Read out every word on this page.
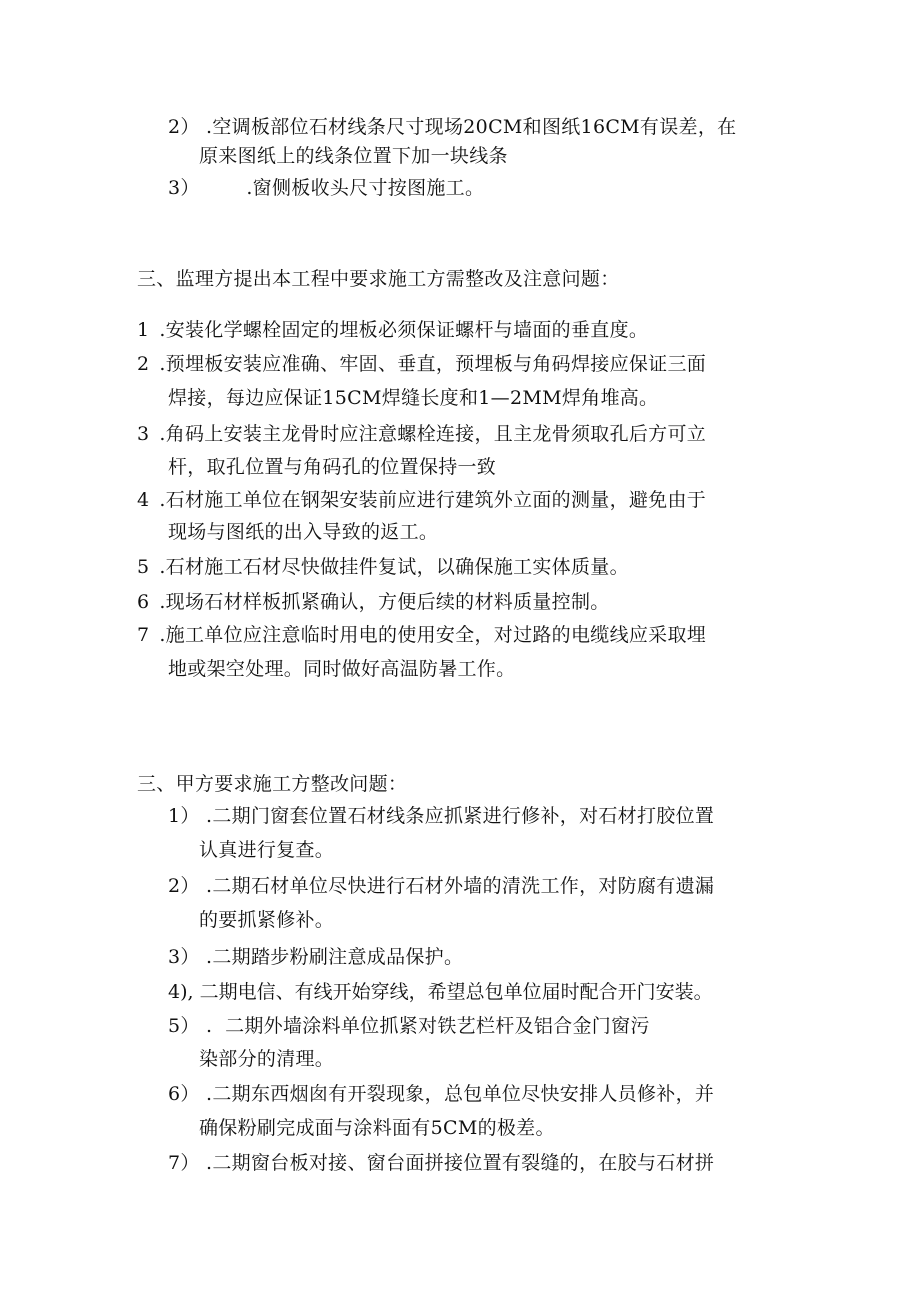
2） .空调板部位石材线条尺寸现场20CM和图纸16CM有误差，在
原来图纸上的线条位置下加一块线条
3） .窗侧板收头尺寸按图施工。
三、监理方提出本工程中要求施工方需整改及注意问题：
1 .安装化学螺栓固定的埋板必须保证螺杆与墙面的垂直度。
2 .预埋板安装应准确、牢固、垂直，预埋板与角码焊接应保证三面
焊接，每边应保证15CM焊缝长度和1—2MM焊角堆高。
3 .角码上安装主龙骨时应注意螺栓连接，且主龙骨须取孔后方可立
杆，取孔位置与角码孔的位置保持一致
4 .石材施工单位在钢架安装前应进行建筑外立面的测量，避免由于
现场与图纸的出入导致的返工。
5 .石材施工石材尽快做挂件复试，以确保施工实体质量。
6 .现场石材样板抓紧确认，方便后续的材料质量控制。
7 .施工单位应注意临时用电的使用安全，对过路的电缆线应采取埋
地或架空处理。同时做好高温防暑工作。
三、甲方要求施工方整改问题：
1） .二期门窗套位置石材线条应抓紧进行修补，对石材打胶位置
认真进行复查。
2） .二期石材单位尽快进行石材外墙的清洗工作，对防腐有遗漏
的要抓紧修补。
3） .二期踏步粉刷注意成品保护。
4), 二期电信、有线开始穿线，希望总包单位届时配合开门安装。
5） .  二期外墙涂料单位抓紧对铁艺栏杆及铝合金门窗污
染部分的清理。
6） .二期东西烟囱有开裂现象，总包单位尽快安排人员修补，并
确保粉刷完成面与涂料面有5CM的极差。
7） .二期窗台板对接、窗台面拼接位置有裂缝的，在胶与石材拼
